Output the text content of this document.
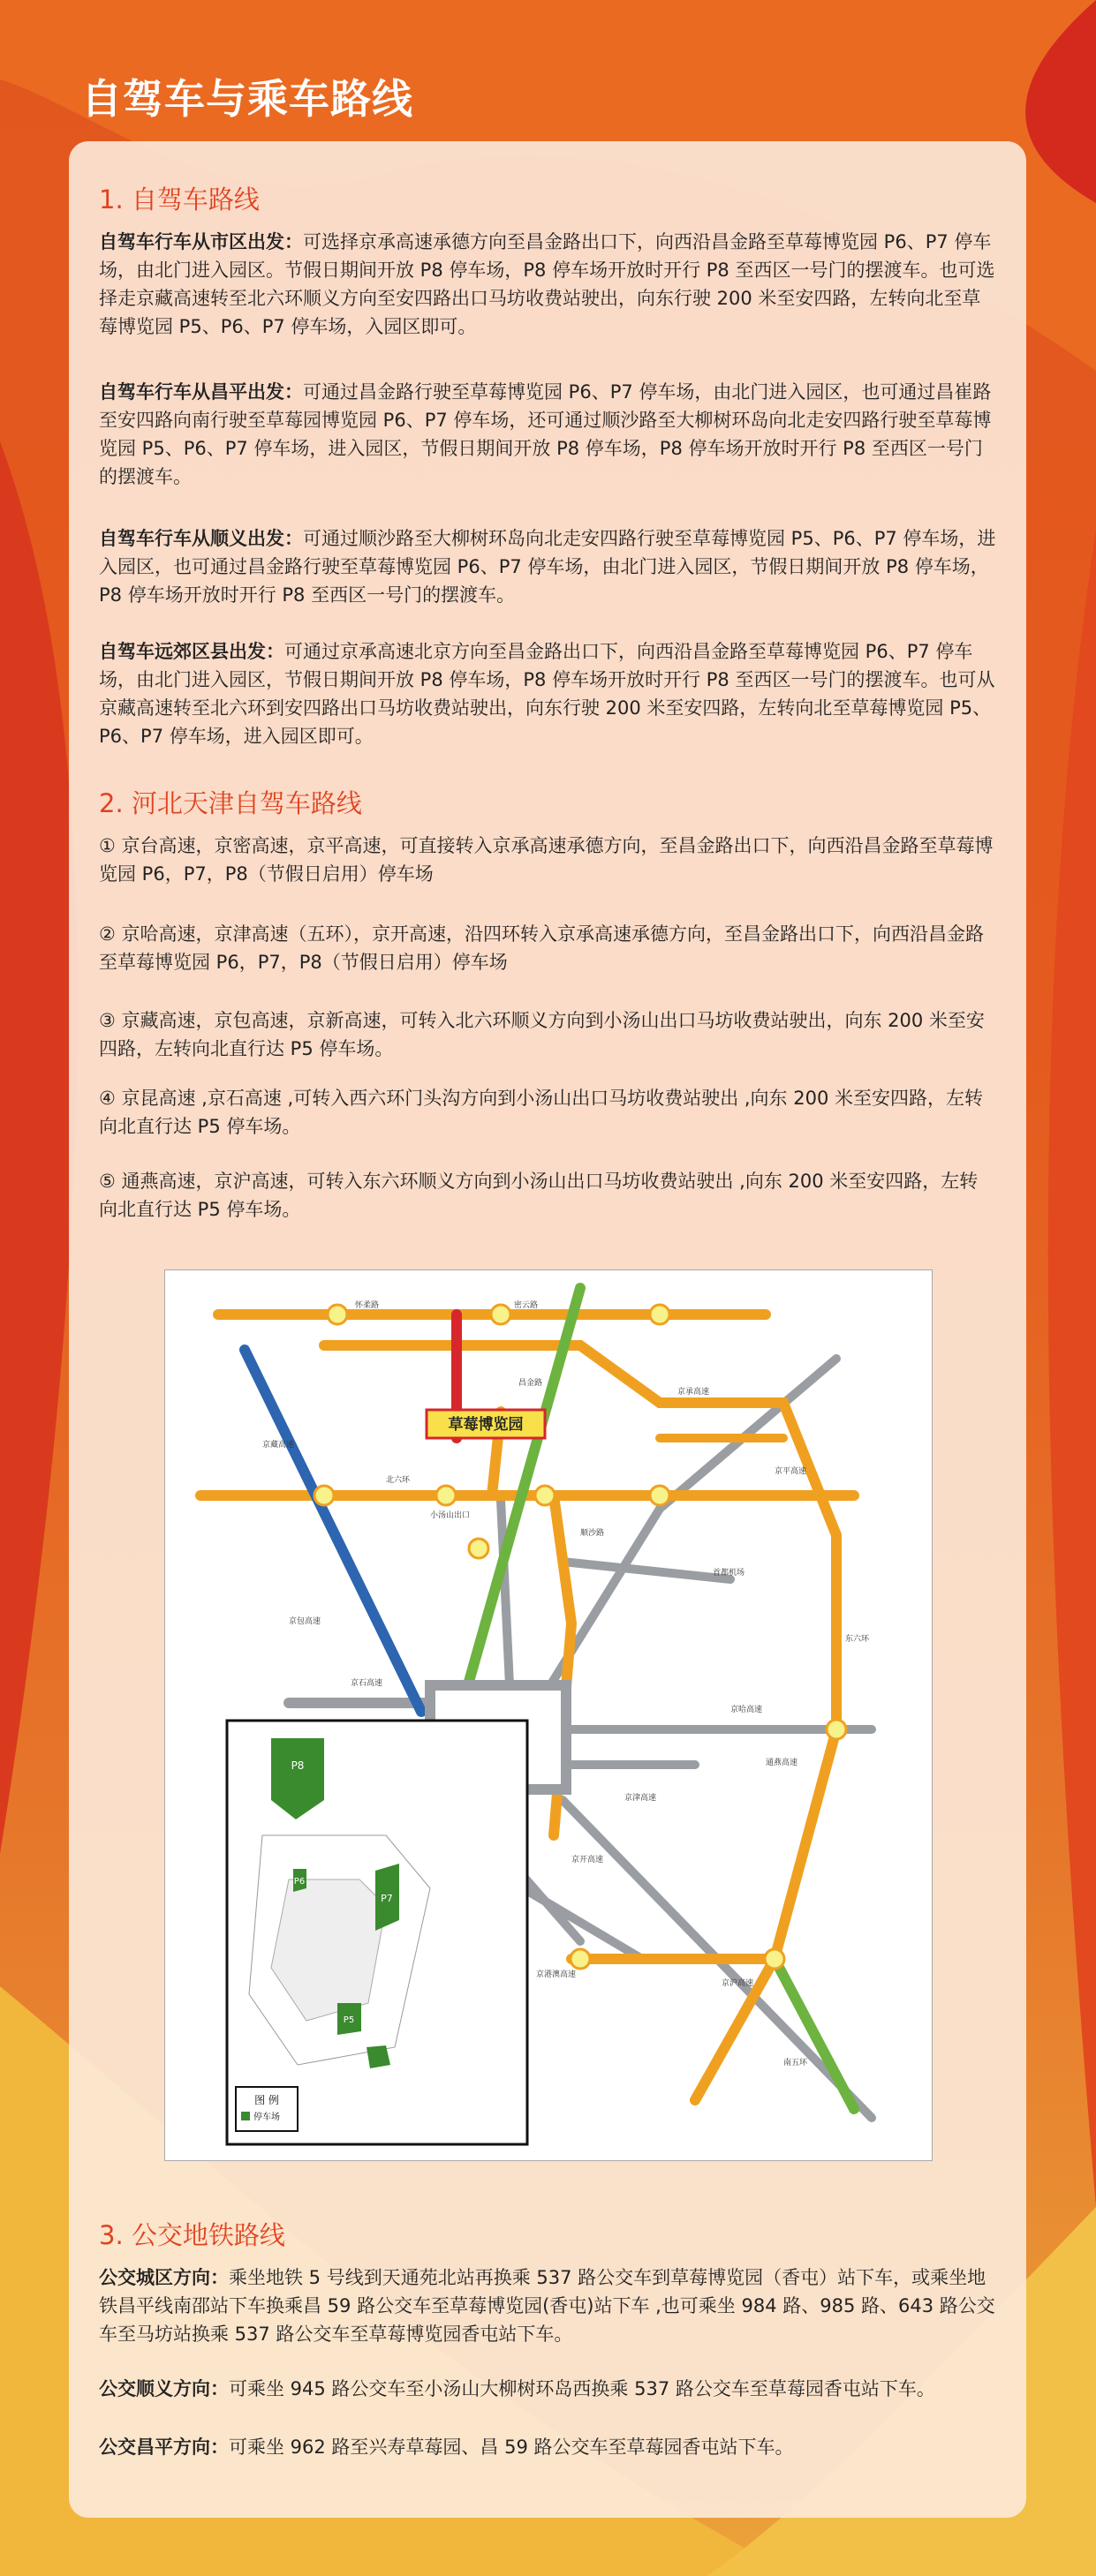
自驾车与乘车路线
1. 自驾车路线
自驾车行车从市区出发：可选择京承高速承德方向至昌金路出口下，向西沿昌金路至草莓博览园 P6、P7 停车场，由北门进入园区。节假日期间开放 P8 停车场，P8 停车场开放时开行 P8 至西区一号门的摆渡车。也可选择走京藏高速转至北六环顺义方向至安四路出口马坊收费站驶出，向东行驶 200 米至安四路，左转向北至草莓博览园 P5、P6、P7 停车场，入园区即可。
自驾车行车从昌平出发：可通过昌金路行驶至草莓博览园 P6、P7 停车场，由北门进入园区，也可通过昌崔路至安四路向南行驶至草莓园博览园 P6、P7 停车场，还可通过顺沙路至大柳树环岛向北走安四路行驶至草莓博览园 P5、P6、P7 停车场，进入园区，节假日期间开放 P8 停车场，P8 停车场开放时开行 P8 至西区一号门的摆渡车。
自驾车行车从顺义出发：可通过顺沙路至大柳树环岛向北走安四路行驶至草莓博览园 P5、P6、P7 停车场，进入园区，也可通过昌金路行驶至草莓博览园 P6、P7 停车场，由北门进入园区，节假日期间开放 P8 停车场，P8 停车场开放时开行 P8 至西区一号门的摆渡车。
自驾车远郊区县出发：可通过京承高速北京方向至昌金路出口下，向西沿昌金路至草莓博览园 P6、P7 停车场，由北门进入园区，节假日期间开放 P8 停车场，P8 停车场开放时开行 P8 至西区一号门的摆渡车。也可从京藏高速转至北六环到安四路出口马坊收费站驶出，向东行驶 200 米至安四路，左转向北至草莓博览园 P5、P6、P7 停车场，进入园区即可。
2. 河北天津自驾车路线
① 京台高速，京密高速，京平高速，可直接转入京承高速承德方向，至昌金路出口下，向西沿昌金路至草莓博览园 P6，P7，P8（节假日启用）停车场
② 京哈高速，京津高速（五环），京开高速，沿四环转入京承高速承德方向，至昌金路出口下，向西沿昌金路至草莓博览园 P6，P7，P8（节假日启用）停车场
③ 京藏高速，京包高速，京新高速，可转入北六环顺义方向到小汤山出口马坊收费站驶出，向东 200 米至安四路，左转向北直行达 P5 停车场。
④ 京昆高速 ,京石高速 ,可转入西六环门头沟方向到小汤山出口马坊收费站驶出 ,向东 200 米至安四路，左转向北直行达 P5 停车场。
⑤ 通燕高速，京沪高速，可转入东六环顺义方向到小汤山出口马坊收费站驶出 ,向东 200 米至安四路，左转向北直行达 P5 停车场。
草莓博览园
怀柔路	密云路
昌金路
京承高速
京藏高速
小汤山出口
京包高速
顺沙路
首都机场
京平高速
京哈高速
京津高速
京开高速
京石高速
京港澳高速
通燕高速
京沪高速
东六环
北六环
南五环
P8
P6
P7
P5
图 例
停车场
3. 公交地铁路线
公交城区方向：乘坐地铁 5 号线到天通苑北站再换乘 537 路公交车到草莓博览园（香屯）站下车，或乘坐地铁昌平线南邵站下车换乘昌 59 路公交车至草莓博览园(香屯)站下车 ,也可乘坐 984 路、985 路、643 路公交车至马坊站换乘 537 路公交车至草莓博览园香屯站下车。
公交顺义方向：可乘坐 945 路公交车至小汤山大柳树环岛西换乘 537 路公交车至草莓园香屯站下车。
公交昌平方向：可乘坐 962 路至兴寿草莓园、昌 59 路公交车至草莓园香屯站下车。
